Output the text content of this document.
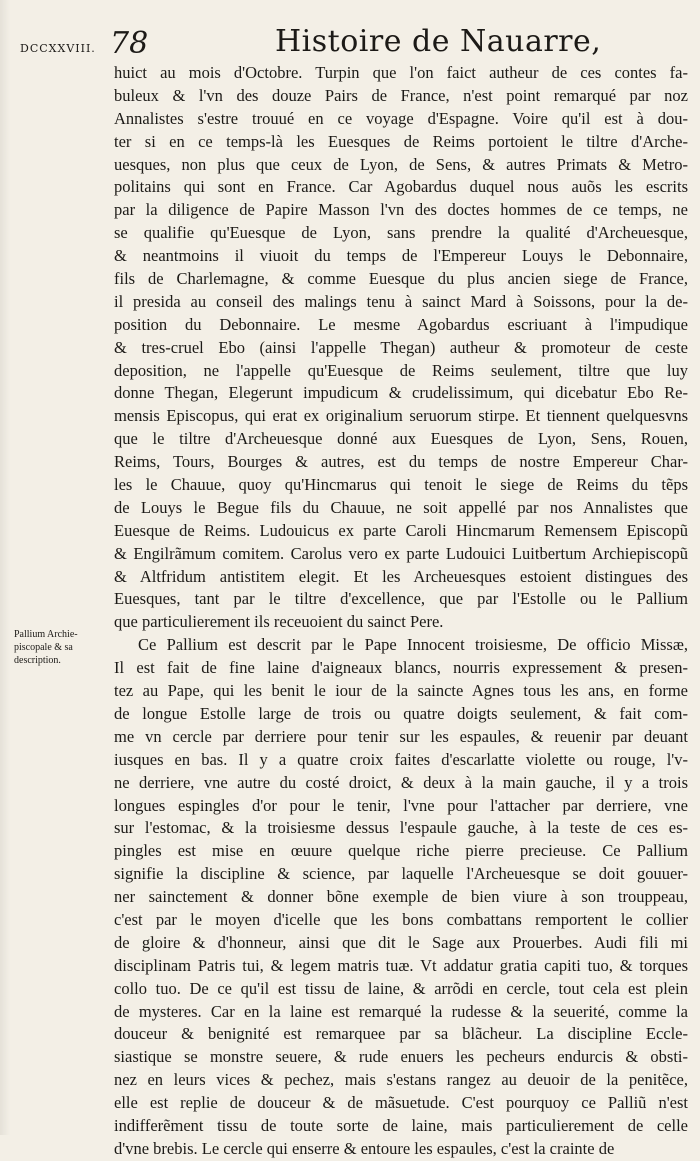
DCCXXVIII. 78	Histoire de Nauarre,
Pallium Archie-piscopale & sa description.
huict au mois d'Octobre. Turpin que l'on faict autheur de ces contes fa-
buleux & l'vn des douze Pairs de France, n'est point remarqué par noz
Annalistes s'estre trouué en ce voyage d'Espagne. Voire qu'il est à dou-
ter si en ce temps-là les Euesques de Reims portoient le tiltre d'Arche-
uesques, non plus que ceux de Lyon, de Sens, & autres Primats & Metro-
politains qui sont en France. Car Agobardus duquel nous auõs les escrits
par la diligence de Papire Masson l'vn des doctes hommes de ce temps, ne
se qualifie qu'Euesque de Lyon, sans prendre la qualité d'Archeuesque,
& neantmoins il viuoit du temps de l'Empereur Louys le Debonnaire,
fils de Charlemagne, & comme Euesque du plus ancien siege de France,
il presida au conseil des malings tenu à sainct Mard à Soissons, pour la de-
position du Debonnaire. Le mesme Agobardus escriuant à l'impudique
& tres-cruel Ebo (ainsi l'appelle Thegan) autheur & promoteur de ceste
deposition, ne l'appelle qu'Euesque de Reims seulement, tiltre que luy
donne Thegan, Elegerunt impudicum & crudelissimum, qui dicebatur Ebo Re-
mensis Episcopus, qui erat ex originalium seruorum stirpe. Et tiennent quelquesvns
que le tiltre d'Archeuesque donné aux Euesques de Lyon, Sens, Rouen,
Reims, Tours, Bourges & autres, est du temps de nostre Empereur Char-
les le Chauue, quoy qu'Hincmarus qui tenoit le siege de Reims du tẽps
de Louys le Begue fils du Chauue, ne soit appellé par nos Annalistes que
Euesque de Reims. Ludouicus ex parte Caroli Hincmarum Remensem Episcopũ
& Engilrãmum comitem. Carolus vero ex parte Ludouici Luitbertum Archiepiscopũ
& Altfridum antistitem elegit. Et les Archeuesques estoient distingues des
Euesques, tant par le tiltre d'excellence, que par l'Estolle ou le Pallium
que particulierement ils receuoient du sainct Pere.
Ce Pallium est descrit par le Pape Innocent troisiesme, De officio Missæ,
Il est fait de fine laine d'aigneaux blancs, nourris expressement & presen-
tez au Pape, qui les benit le iour de la saincte Agnes tous les ans, en forme
de longue Estolle large de trois ou quatre doigts seulement, & fait com-
me vn cercle par derriere pour tenir sur les espaules, & reuenir par deuant
iusques en bas. Il y a quatre croix faites d'escarlatte violette ou rouge, l'v-
ne derriere, vne autre du costé droict, & deux à la main gauche, il y a trois
longues espingles d'or pour le tenir, l'vne pour l'attacher par derriere, vne
sur l'estomac, & la troisiesme dessus l'espaule gauche, à la teste de ces es-
pingles est mise en œuure quelque riche pierre precieuse. Ce Pallium
signifie la discipline & science, par laquelle l'Archeuesque se doit gouuer-
ner sainctement & donner bõne exemple de bien viure à son trouppeau,
c'est par le moyen d'icelle que les bons combattans remportent le collier
de gloire & d'honneur, ainsi que dit le Sage aux Prouerbes. Audi fili mi
disciplinam Patris tui, & legem matris tuæ. Vt addatur gratia capiti tuo, & torques
collo tuo. De ce qu'il est tissu de laine, & arrõdi en cercle, tout cela est plein
de mysteres. Car en la laine est remarqué la rudesse & la seuerité, comme la
douceur & benignité est remarquee par sa blãcheur. La discipline Eccle-
siastique se monstre seuere, & rude enuers les pecheurs endurcis & obsti-
nez en leurs vices & pechez, mais s'estans rangez au deuoir de la penitẽce,
elle est replie de douceur & de mãsuetude. C'est pourquoy ce Palliũ n'est
indifferẽment tissu de toute sorte de laine, mais particulierement de celle
d'vne brebis. Le cercle qui enserre & entoure les espaules, c'est la crainte de
